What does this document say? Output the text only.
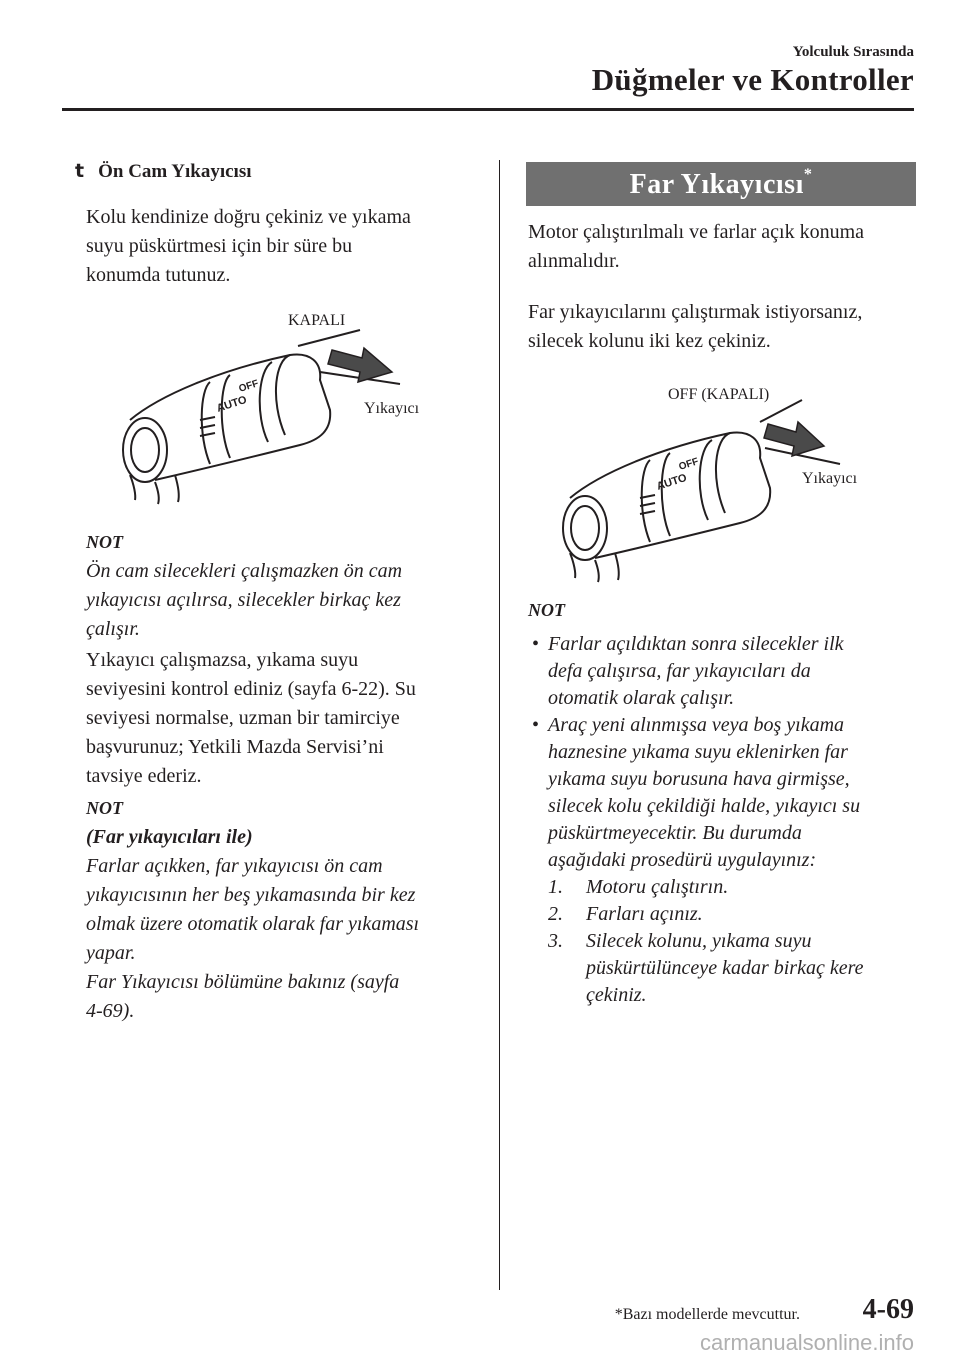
Yolculuk Sırasında
Düğmeler ve Kontroller
t Ön Cam Yıkayıcısı

Kolu kendinize doğru çekiniz ve yıkama

suyu püskürtmesi için bir süre bu

konumda tutunuz.

AUTO
OFF
KAPALI
Yıkayıcı

NOT

Ön cam silecekleri çalışmazken ön cam

yıkayıcısı açılırsa, silecekler birkaç kez

çalışır.

Yıkayıcı çalışmazsa, yıkama suyu

seviyesini kontrol ediniz (sayfa 6-22). Su

seviyesi normalse, uzman bir tamirciye

başvurunuz; Yetkili Mazda Servisi’ni

tavsiye ederiz.

NOT

(Far yıkayıcıları ile)

Farlar açıkken, far yıkayıcısı ön cam

yıkayıcısının her beş yıkamasında bir kez

olmak üzere otomatik olarak far yıkaması

yapar.

Far Yıkayıcısı bölümüne bakınız (sayfa

4-69).

Far Yıkayıcısı*

Motor çalıştırılmalı ve farlar açık konuma

alınmalıdır.

Far yıkayıcılarını çalıştırmak istiyorsanız,

silecek kolunu iki kez çekiniz.

AUTO
OFF
OFF (KAPALI)
Yıkayıcı

NOT

• Farlar açıldıktan sonra silecekler ilk
defa çalışırsa, far yıkayıcıları da
otomatik olarak çalışır.
• Araç yeni alınmışsa veya boş yıkama
haznesine yıkama suyu eklenirken far
yıkama suyu borusuna hava girmişse,
silecek kolu çekildiği halde, yıkayıcı su
püskürtmeyecektir. Bu durumda
aşağıdaki prosedürü uygulayınız:
1. Motoru çalıştırın.
2. Farları açınız.
3. Silecek kolunu, yıkama suyu
püskürtülünceye kadar birkaç kere
çekiniz.
*Bazı modellerde mevcuttur. 4-69
carmanualsonline.info
